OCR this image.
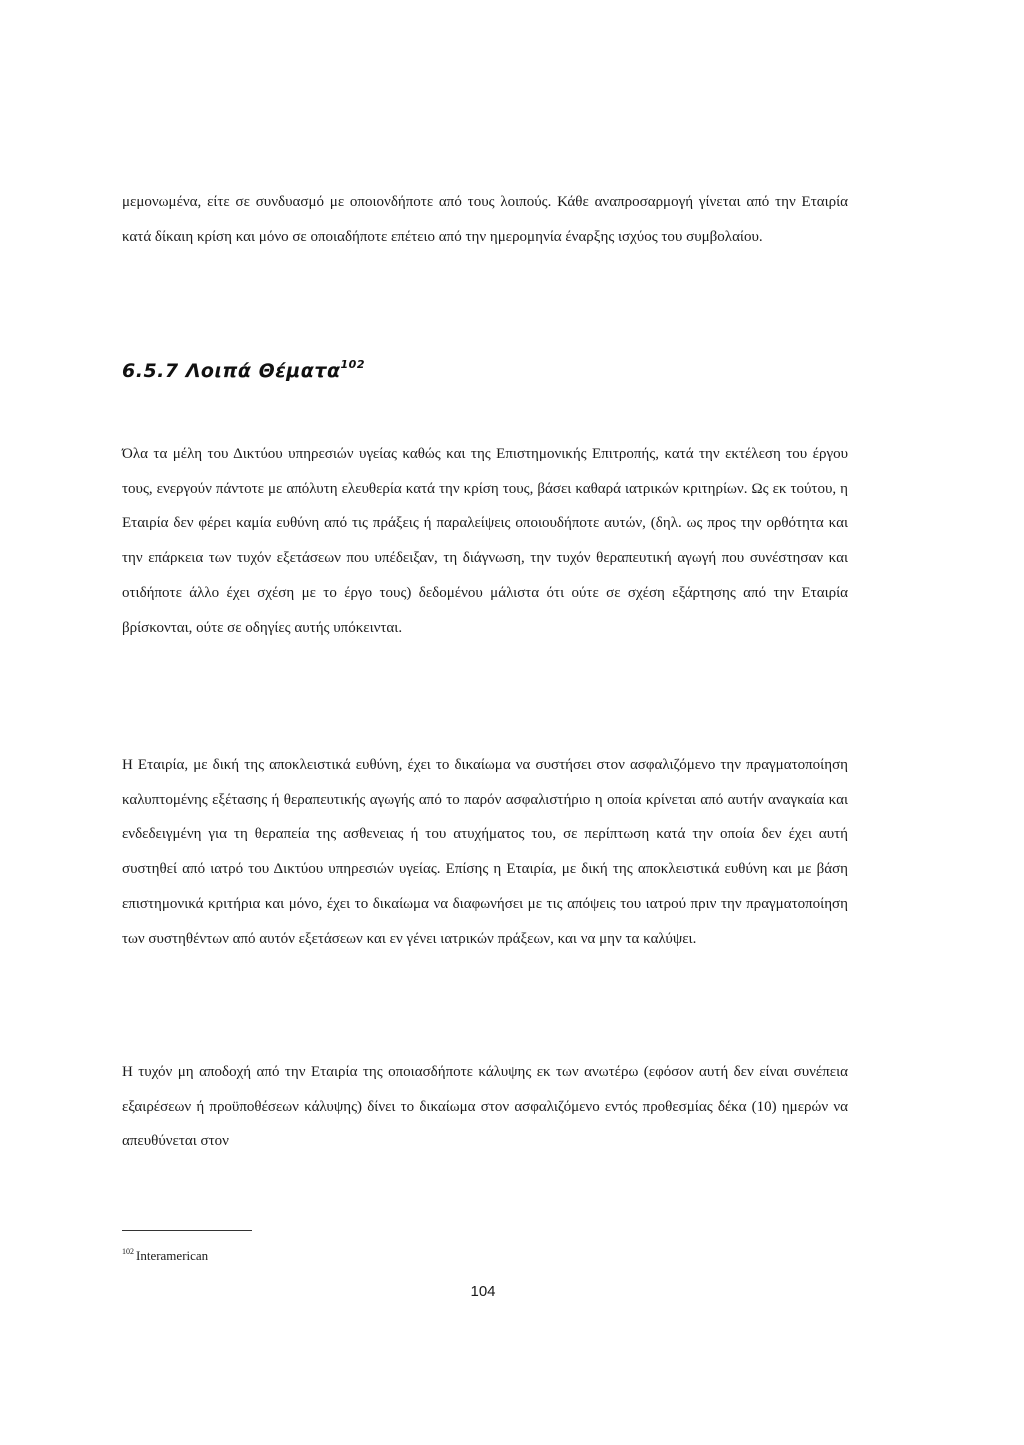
μεμονωμένα, είτε σε συνδυασμό με οποιονδήποτε από τους λοιπούς. Κάθε αναπροσαρμογή γίνεται από την Εταιρία κατά δίκαιη κρίση και μόνο σε οποιαδήποτε επέτειο από την ημερομηνία έναρξης ισχύος του συμβολαίου.

6.5.7 Λοιπά Θέματα$^{102}$

Όλα τα μέλη του Δικτύου υπηρεσιών υγείας καθώς και της Επιστημονικής Επιτροπής, κατά την εκτέλεση του έργου τους, ενεργούν πάντοτε με απόλυτη ελευθερία κατά την κρίση τους, βάσει καθαρά ιατρικών κριτηρίων. Ως εκ τούτου, η Εταιρία δεν φέρει καμία ευθύνη από τις πράξεις ή παραλείψεις οποιουδήποτε αυτών, (δηλ. ως προς την ορθότητα και την επάρκεια των τυχόν εξετάσεων που υπέδειξαν, τη διάγνωση, την τυχόν θεραπευτική αγωγή που συνέστησαν και οτιδήποτε άλλο έχει σχέση με το έργο τους) δεδομένου μάλιστα ότι ούτε σε σχέση εξάρτησης από την Εταιρία βρίσκονται, ούτε σε οδηγίες αυτής υπόκεινται.

Η Εταιρία, με δική της αποκλειστικά ευθύνη, έχει το δικαίωμα να συστήσει στον ασφαλιζόμενο την πραγματοποίηση καλυπτομένης εξέτασης ή θεραπευτικής αγωγής από το παρόν ασφαλιστήριο η οποία κρίνεται από αυτήν αναγκαία και ενδεδειγμένη για τη θεραπεία της ασθενειας ή του ατυχήματος του, σε περίπτωση κατά την οποία δεν έχει αυτή συστηθεί από ιατρό του Δικτύου υπηρεσιών υγείας. Επίσης η Εταιρία, με δική της αποκλειστικά ευθύνη και με βάση επιστημονικά κριτήρια και μόνο, έχει το δικαίωμα να διαφωνήσει με τις απόψεις του ιατρού πριν την πραγματοποίηση των συστηθέντων από αυτόν εξετάσεων και εν γένει ιατρικών πράξεων, και να μην τα καλύψει.

Η τυχόν μη αποδοχή από την Εταιρία της οποιασδήποτε κάλυψης εκ των ανωτέρω (εφόσον αυτή δεν είναι συνέπεια εξαιρέσεων ή προϋποθέσεων κάλυψης) δίνει το δικαίωμα στον ασφαλιζόμενο εντός προθεσμίας δέκα (10) ημερών να απευθύνεται στον

$^{102}$ Interamerican
104
